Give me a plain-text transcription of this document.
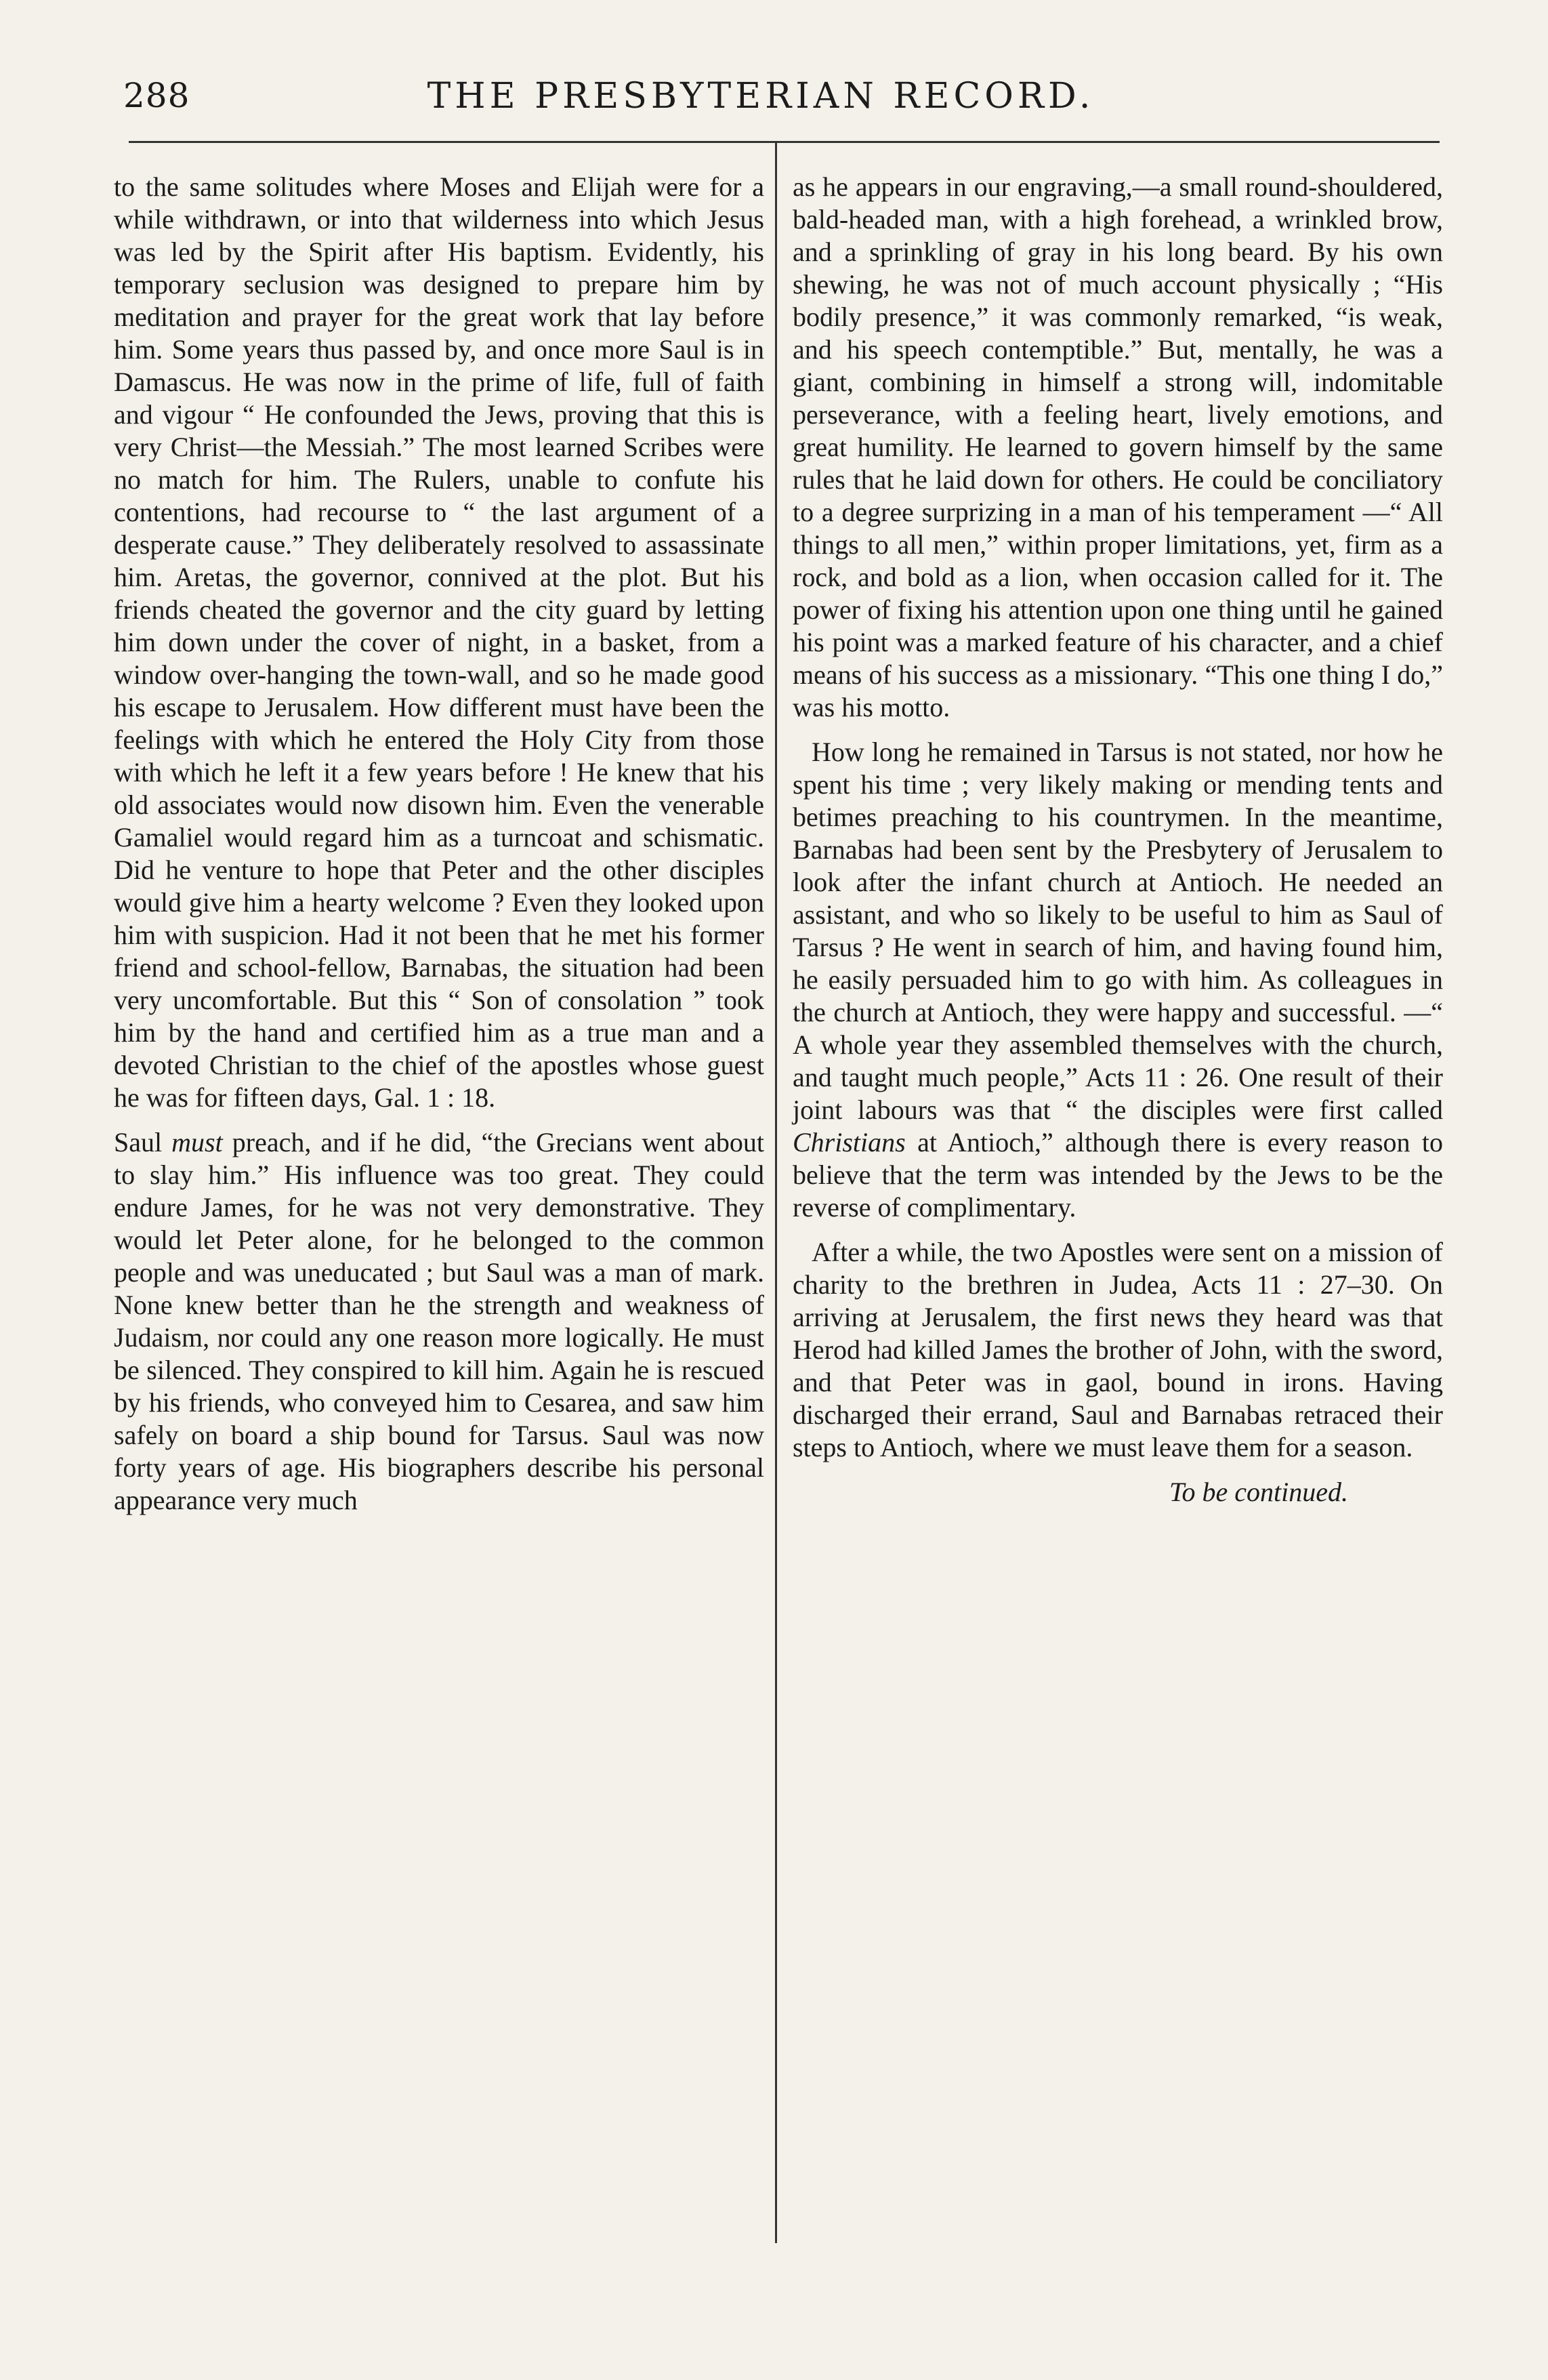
288	THE PRESBYTERIAN RECORD.

to the same solitudes where Moses and Elijah were for a while withdrawn, or into that wilderness into which Jesus was led by the Spirit after His baptism. Evidently, his temporary seclusion was designed to prepare him by meditation and prayer for the great work that lay before him. Some years thus passed by, and once more Saul is in Damascus. He was now in the prime of life, full of faith and vigour “ He confounded the Jews, proving that this is very Christ—the Messiah.” The most learned Scribes were no match for him. The Rulers, unable to confute his contentions, had recourse to “ the last argument of a desperate cause.” They deliberately resolved to assassinate him. Aretas, the governor, connived at the plot. But his friends cheated the governor and the city guard by letting him down under the cover of night, in a basket, from a window over-hanging the town-wall, and so he made good his escape to Jerusalem. How different must have been the feelings with which he entered the Holy City from those with which he left it a few years before ! He knew that his old associates would now disown him. Even the venerable Gamaliel would regard him as a turncoat and schismatic. Did he venture to hope that Peter and the other disciples would give him a hearty welcome ? Even they looked upon him with suspicion. Had it not been that he met his former friend and school-fellow, Barnabas, the situation had been very uncomfortable. But this “ Son of consolation ” took him by the hand and certified him as a true man and a devoted Christian to the chief of the apostles whose guest he was for fifteen days, Gal. 1 : 18.

Saul must preach, and if he did, “the Grecians went about to slay him.” His influence was too great. They could endure James, for he was not very demonstrative. They would let Peter alone, for he belonged to the common people and was uneducated ; but Saul was a man of mark. None knew better than he the strength and weakness of Judaism, nor could any one reason more logically. He must be silenced. They conspired to kill him. Again he is rescued by his friends, who conveyed him to Cesarea, and saw him safely on board a ship bound for Tarsus. Saul was now forty years of age. His biographers describe his personal appearance very much

as he appears in our engraving,—a small round-shouldered, bald-headed man, with a high forehead, a wrinkled brow, and a sprinkling of gray in his long beard. By his own shewing, he was not of much account physically ; “His bodily presence,” it was commonly remarked, “is weak, and his speech contemptible.” But, mentally, he was a giant, combining in himself a strong will, indomitable perseverance, with a feeling heart, lively emotions, and great humility. He learned to govern himself by the same rules that he laid down for others. He could be conciliatory to a degree surprizing in a man of his temperament —“ All things to all men,” within proper limitations, yet, firm as a rock, and bold as a lion, when occasion called for it. The power of fixing his attention upon one thing until he gained his point was a marked feature of his character, and a chief means of his success as a missionary. “This one thing I do,” was his motto.

How long he remained in Tarsus is not stated, nor how he spent his time ; very likely making or mending tents and betimes preaching to his countrymen. In the meantime, Barnabas had been sent by the Presbytery of Jerusalem to look after the infant church at Antioch. He needed an assistant, and who so likely to be useful to him as Saul of Tarsus ? He went in search of him, and having found him, he easily persuaded him to go with him. As colleagues in the church at Antioch, they were happy and successful. —“ A whole year they assembled themselves with the church, and taught much people,” Acts 11 : 26. One result of their joint labours was that “ the disciples were first called Christians at Antioch,” although there is every reason to believe that the term was intended by the Jews to be the reverse of complimentary.

After a while, the two Apostles were sent on a mission of charity to the brethren in Judea, Acts 11 : 27–30. On arriving at Jerusalem, the first news they heard was that Herod had killed James the brother of John, with the sword, and that Peter was in gaol, bound in irons. Having discharged their errand, Saul and Barnabas retraced their steps to Antioch, where we must leave them for a season.

To be continued.
